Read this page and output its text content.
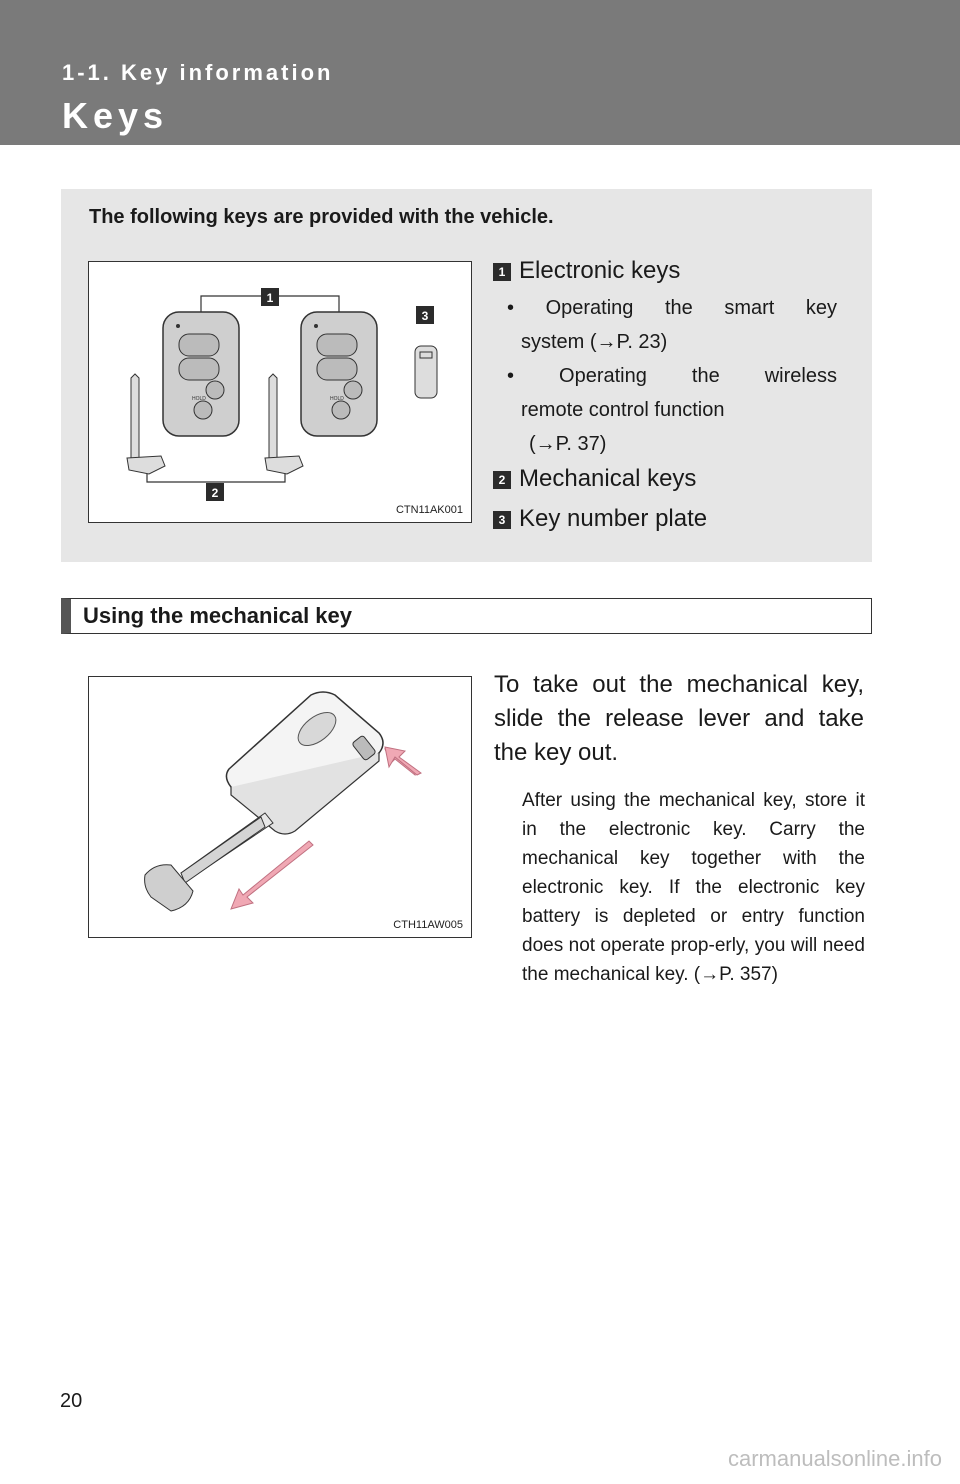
1-1. Key information
Keys
The following keys are provided with the vehicle.
1
2
3
HOLD	HOLD
CTN11AK001
1 Electronic keys
• Operating the smart key
system (→P. 23)
• Operating the wireless
remote control function
(→P. 37)
2 Mechanical keys
3 Key number plate
Using the mechanical key
CTH11AW005
To take out the mechanical key, slide the release lever and take the key out.
After using the mechanical key, store it in the electronic key. Carry the mechanical key together with the electronic key. If the electronic key battery is depleted or entry function does not operate prop-erly, you will need the mechanical key. (→P. 357)
20
carmanualsonline.info
